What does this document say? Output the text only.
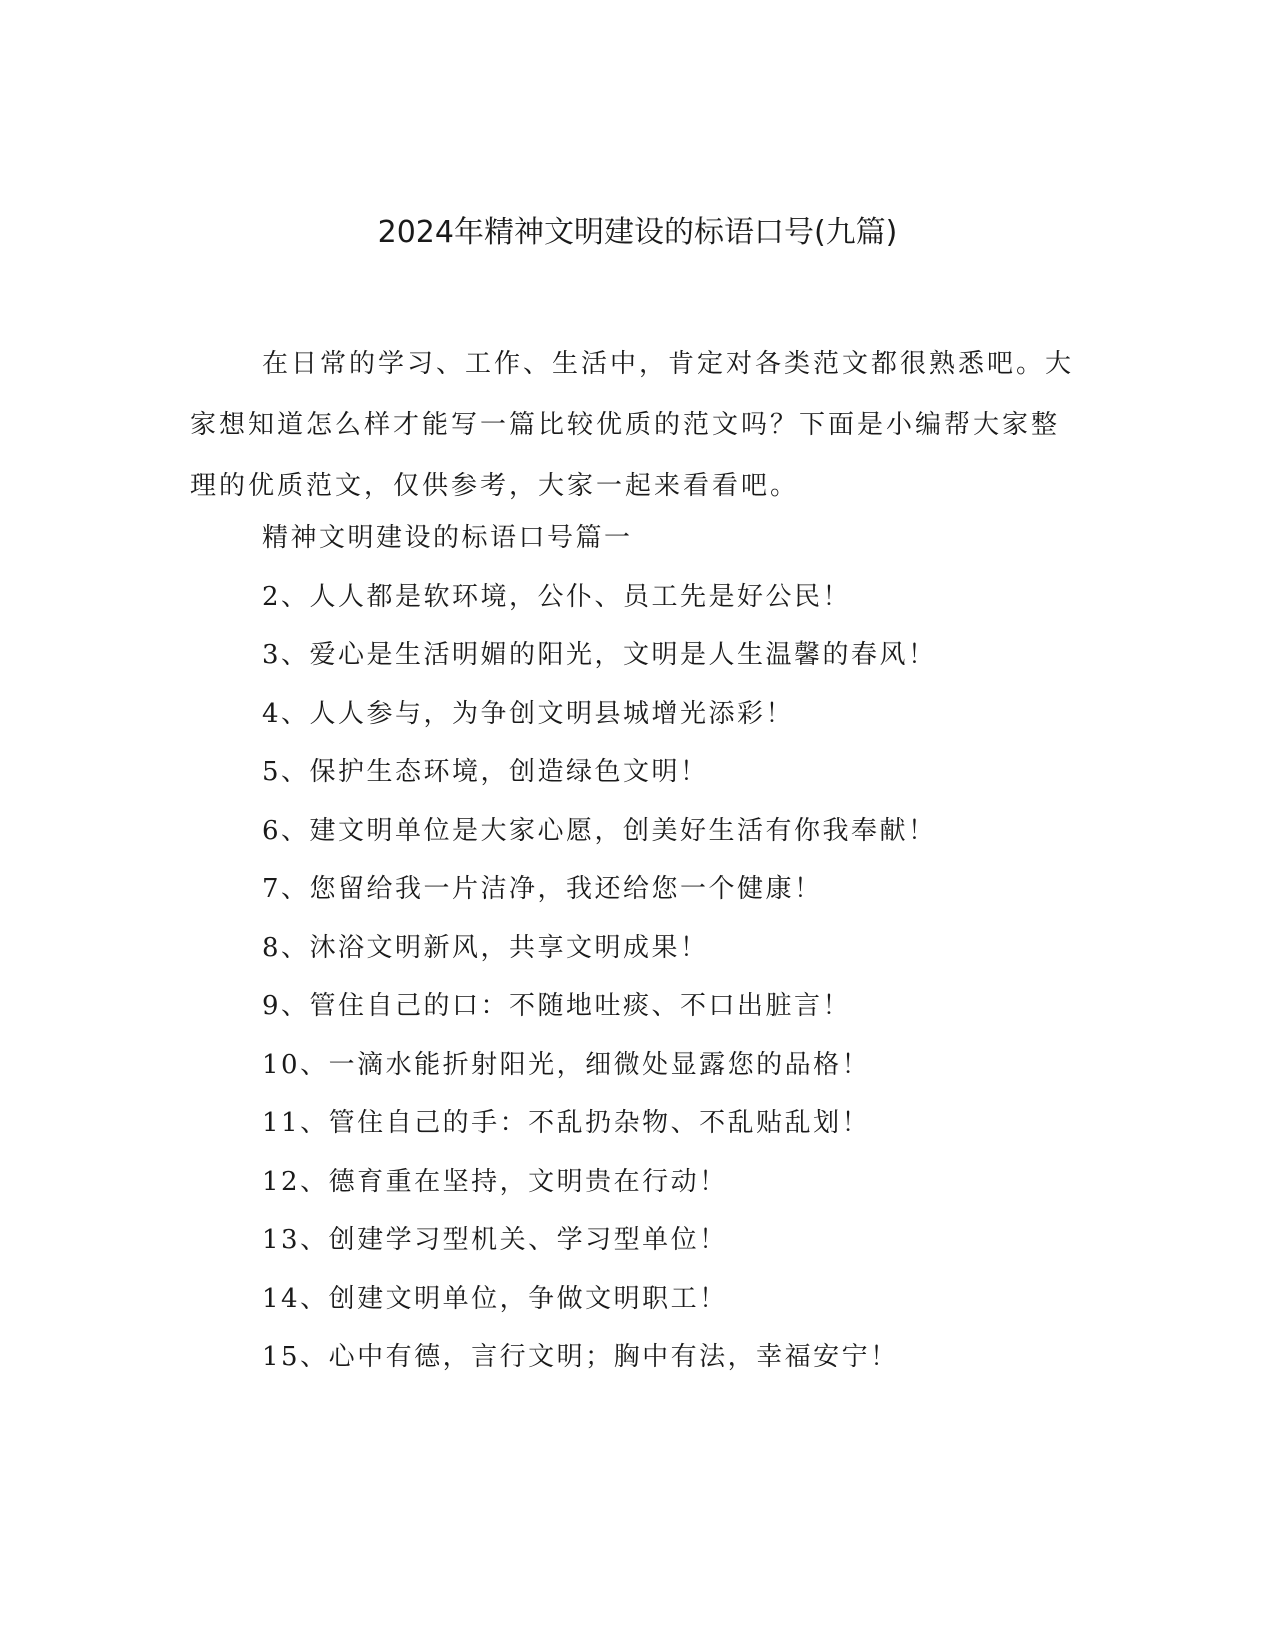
2024年精神文明建设的标语口号(九篇)

在日常的学习、工作、生活中，肯定对各类范文都很熟悉吧。大家想知道怎么样才能写一篇比较优质的范文吗？下面是小编帮大家整理的优质范文，仅供参考，大家一起来看看吧。

精神文明建设的标语口号篇一
2、人人都是软环境，公仆、员工先是好公民！
3、爱心是生活明媚的阳光，文明是人生温馨的春风！
4、人人参与，为争创文明县城增光添彩！
5、保护生态环境，创造绿色文明！
6、建文明单位是大家心愿，创美好生活有你我奉献！
7、您留给我一片洁净，我还给您一个健康！
8、沐浴文明新风，共享文明成果！
9、管住自己的口：不随地吐痰、不口出脏言！
10、一滴水能折射阳光，细微处显露您的品格！
11、管住自己的手：不乱扔杂物、不乱贴乱划！
12、德育重在坚持，文明贵在行动！
13、创建学习型机关、学习型单位！
14、创建文明单位，争做文明职工！
15、心中有德，言行文明；胸中有法，幸福安宁！
